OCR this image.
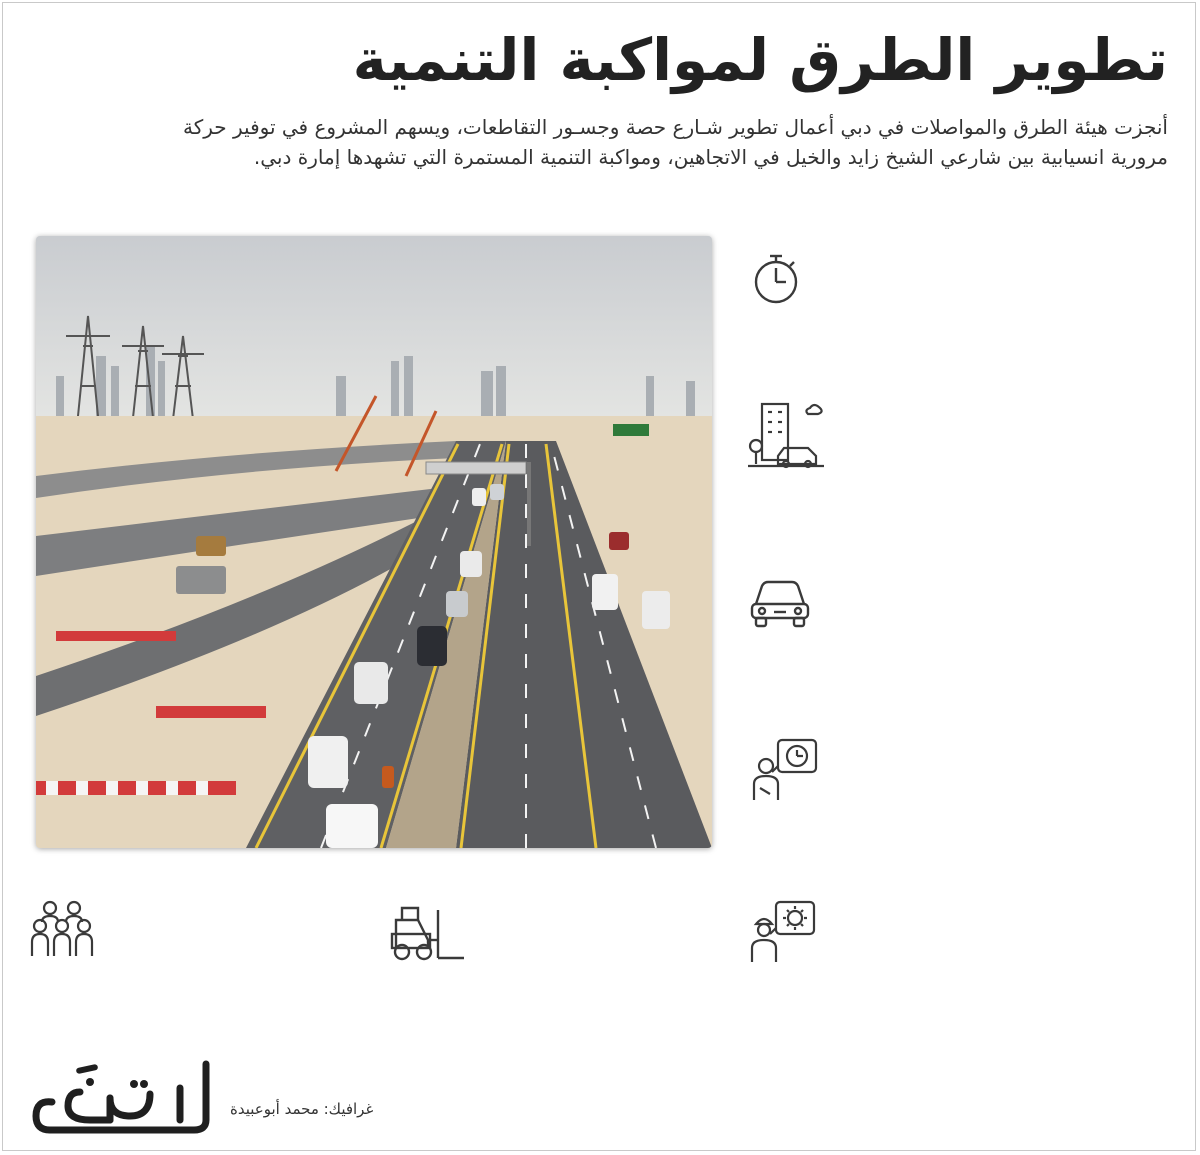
تطوير الطرق لمواكبة التنمية
أنجزت هيئة الطرق والمواصلات في دبي أعمال تطوير شـارع حصة وجسـور التقاطعات، ويسهم المشروع في توفير حركة
مرورية انسيابية بين شارعي الشيخ زايد والخيل في الاتجاهين، ومواكبة التنمية المستمرة التي تشهدها إمارة دبي.
غرافيك: محمد أبوعبيدة
